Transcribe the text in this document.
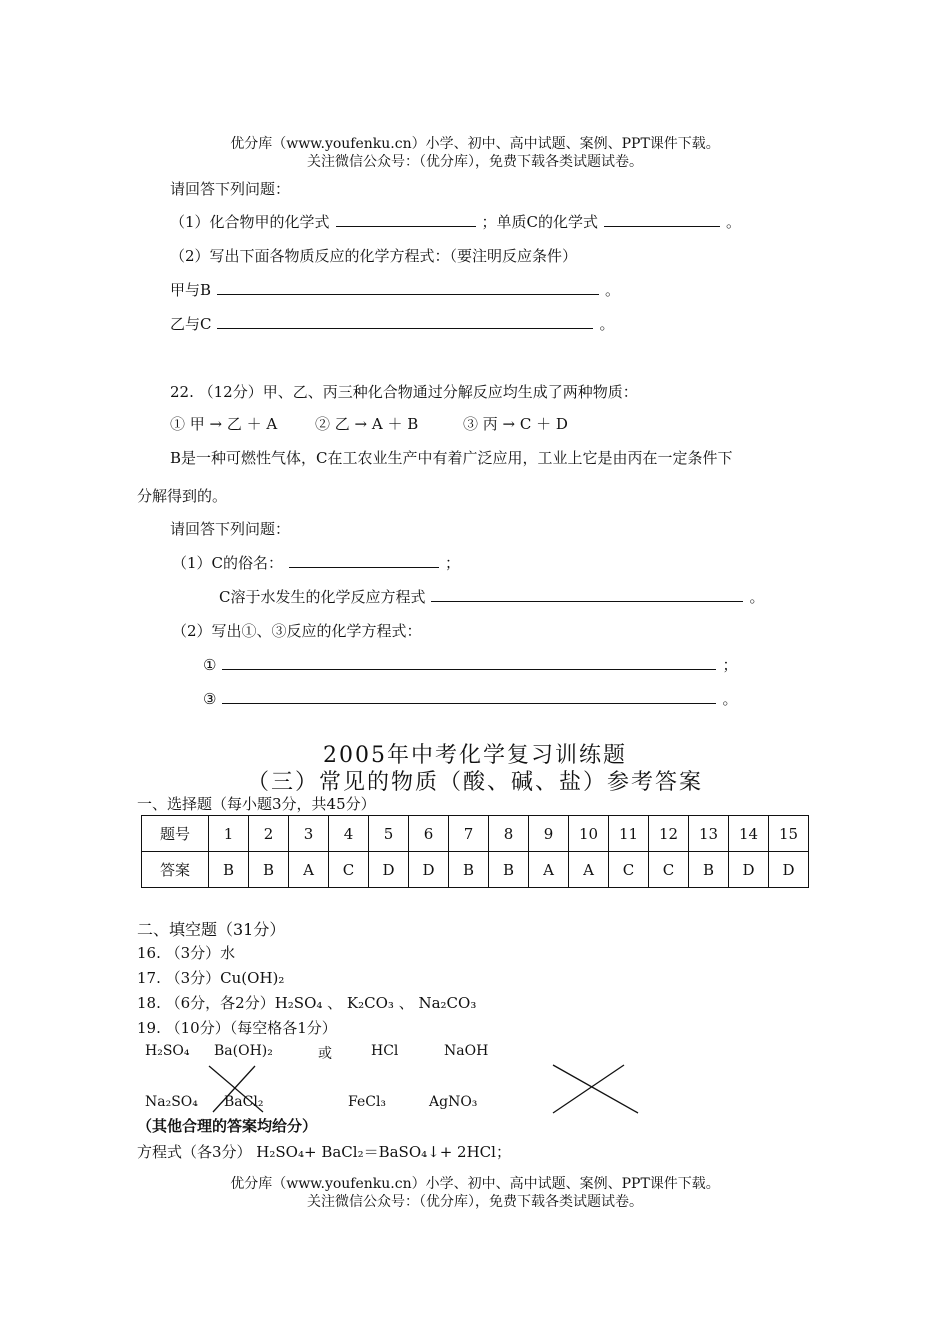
优分库（www.youfenku.cn）小学、初中、高中试题、案例、PPT课件下载。
关注微信公众号：（优分库），免费下载各类试题试卷。
请回答下列问题：
（1）化合物甲的化学式	；单质C的化学式	。
（2）写出下面各物质反应的化学方程式：（要注明反应条件）
甲与B	。
乙与C	。
22. （12分）甲、乙、丙三种化合物通过分解反应均生成了两种物质：
① 甲 → 乙 ＋ A	② 乙 → A ＋ B	③ 丙 → C ＋ D
B是一种可燃性气体，C在工农业生产中有着广泛应用，工业上它是由丙在一定条件下
分解得到的。
请回答下列问题：
（1）C的俗名：	；
C溶于水发生的化学反应方程式	。
（2）写出①、③反应的化学方程式：
①	；
③	。
2005年中考化学复习训练题
（三）常见的物质（酸、碱、盐）参考答案
一、选择题（每小题3分，共45分）
题号	1	2	3	4	5	6	7	8	9	10	11	12	13	14	15
答案	B	B	A	C	D	D	B	B	A	A	C	C	B	D	D
二、填空题（31分）
16. （3分）水
17. （3分）Cu(OH)₂
18. （6分，各2分）H₂SO₄ 、 K₂CO₃ 、 Na₂CO₃
19. （10分）（每空格各1分）
H₂SO₄ Ba(OH)₂	或	HCl	NaOH
Na₂SO₄ BaCl₂	FeCl₃	AgNO₃
（其他合理的答案均给分）
方程式（各3分） H₂SO₄+ BaCl₂＝BaSO₄↓+ 2HCl；
优分库（www.youfenku.cn）小学、初中、高中试题、案例、PPT课件下载。
关注微信公众号：（优分库），免费下载各类试题试卷。
